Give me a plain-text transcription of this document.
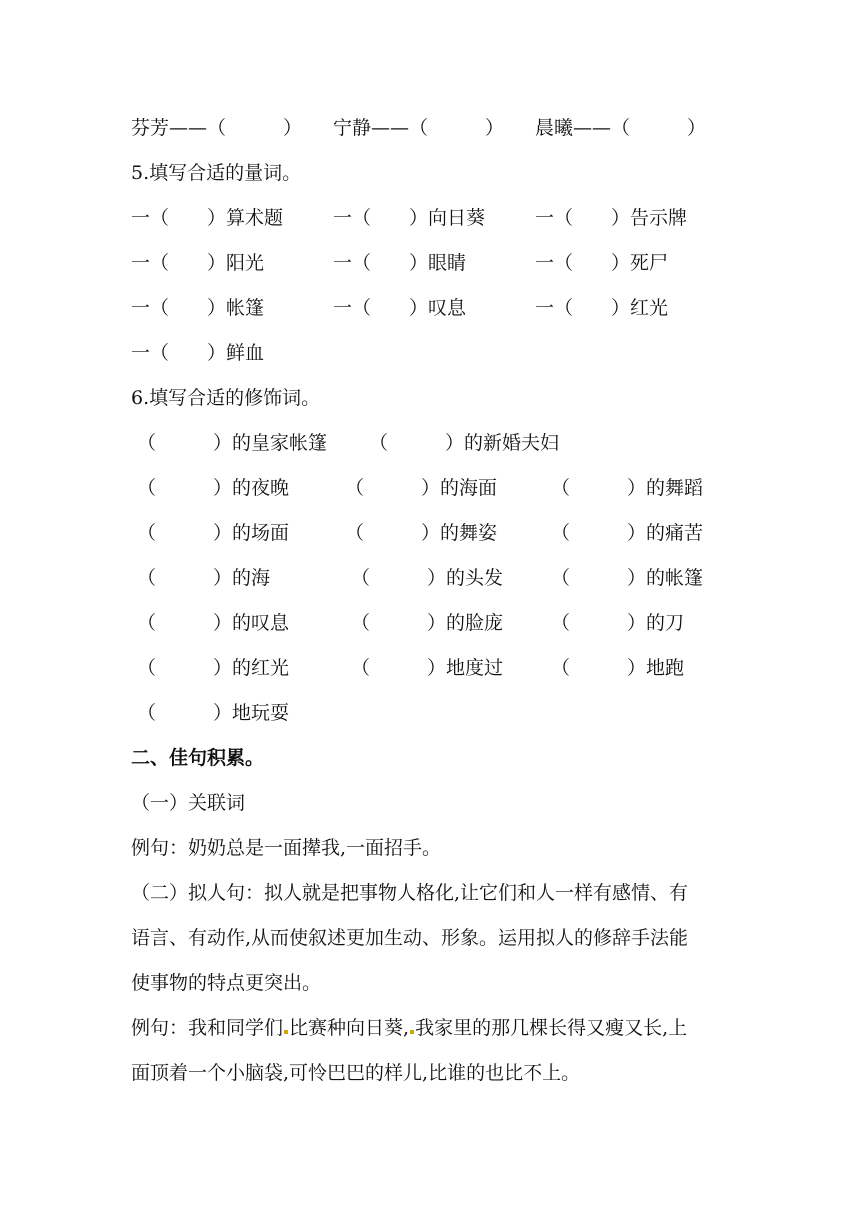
芬芳——（　　　） 宁静——（　　　） 晨曦——（　　　）
5.填写合适的量词。
一（　　）算术题	一（　　）向日葵	一（　　）告示牌
一（　　）阳光	一（　　）眼睛	一（　　）死尸
一（　　）帐篷	一（　　）叹息	一（　　）红光
一（　　）鲜血
6.填写合适的修饰词。
（　　　）的皇家帐篷 （　　　）的新婚夫妇
（　　　）的夜晚	（　　　）的海面	（　　　）的舞蹈
（　　　）的场面	（　　　）的舞姿	（　　　）的痛苦
（　　　）的海	（　　　）的头发	（　　　）的帐篷
（　　　）的叹息	（　　　）的脸庞	（　　　）的刀
（　　　）的红光	（　　　）地度过	（　　　）地跑
（　　　）地玩耍
二、佳句积累。
（一）关联词
例句：奶奶总是一面撵我,一面招手。
（二）拟人句：拟人就是把事物人格化,让它们和人一样有感情、有
语言、有动作,从而使叙述更加生动、形象。运用拟人的修辞手法能
使事物的特点更突出。
例句：我和同学们 比赛种向日葵, 我家里的那几棵长得又瘦又长,上
面顶着一个小脑袋,可怜巴巴的样儿,比谁的也比不上。
